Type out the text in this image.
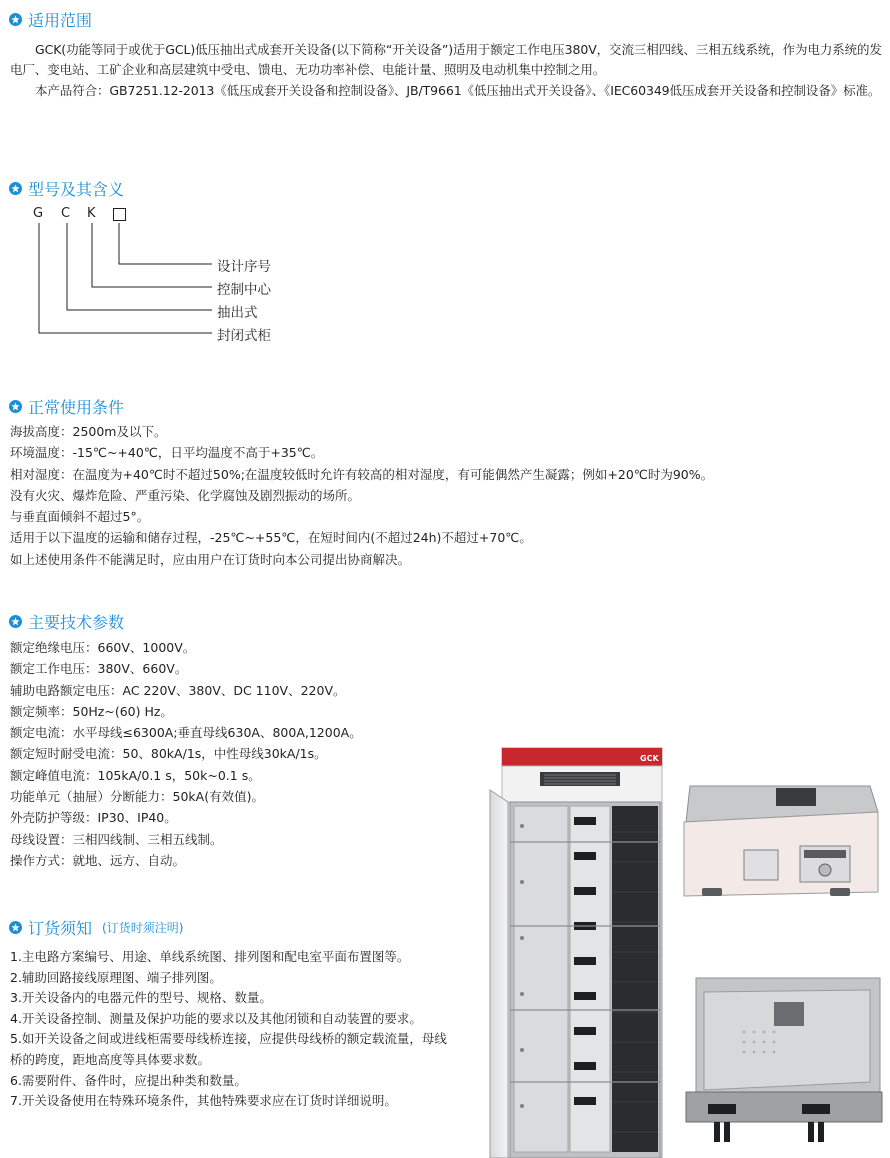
适用范围
GCK(功能等同于或优于GCL)低压抽出式成套开关设备(以下简称“开关设备”)适用于额定工作电压380V，交流三相四线、三相五线系统，作为电力系统的发电厂、变电站、工矿企业和高层建筑中受电、馈电、无功功率补偿、电能计量、照明及电动机集中控制之用。
本产品符合：GB7251.12-2013《低压成套开关设备和控制设备》、JB/T9661《低压抽出式开关设备》、《IEC60349低压成套开关设备和控制设备》标准。
型号及其含义
G C K
设计序号
控制中心
抽出式
封闭式柜
正常使用条件
海拔高度：2500m及以下。
环境温度：-15℃~+40℃，日平均温度不高于+35℃。
相对湿度：在温度为+40℃时不超过50%;在温度较低时允许有较高的相对湿度，有可能偶然产生凝露；例如+20℃时为90%。
没有火灾、爆炸危险、严重污染、化学腐蚀及剧烈振动的场所。
与垂直面倾斜不超过5°。
适用于以下温度的运输和储存过程，-25℃~+55℃，在短时间内(不超过24h)不超过+70℃。
如上述使用条件不能满足时，应由用户在订货时向本公司提出协商解决。
主要技术参数
额定绝缘电压：660V、1000V。
额定工作电压：380V、660V。
辅助电路额定电压：AC 220V、380V、DC 110V、220V。
额定频率：50Hz~(60) Hz。
额定电流：水平母线≤6300A;垂直母线630A、800A,1200A。
额定短时耐受电流：50、80kA/1s，中性母线30kA/1s。
额定峰值电流：105kA/0.1 s，50k~0.1 s。
功能单元（抽屉）分断能力：50kA(有效值)。
外壳防护等级：IP30、IP40。
母线设置：三相四线制、三相五线制。
操作方式：就地、远方、自动。
订货须知 (订货时须注明)
1.主电路方案编号、用途、单线系统图、排列图和配电室平面布置图等。
2.辅助回路接线原理图、端子排列图。
3.开关设备内的电器元件的型号、规格、数量。
4.开关设备控制、测量及保护功能的要求以及其他闭锁和自动装置的要求。
5.如开关设备之间或进线柜需要母线桥连接，应提供母线桥的额定载流量，母线桥的跨度，距地高度等具体要求数。
6.需要附件、备件时，应提出种类和数量。
7.开关设备使用在特殊环境条件，其他特殊要求应在订货时详细说明。
GCK
